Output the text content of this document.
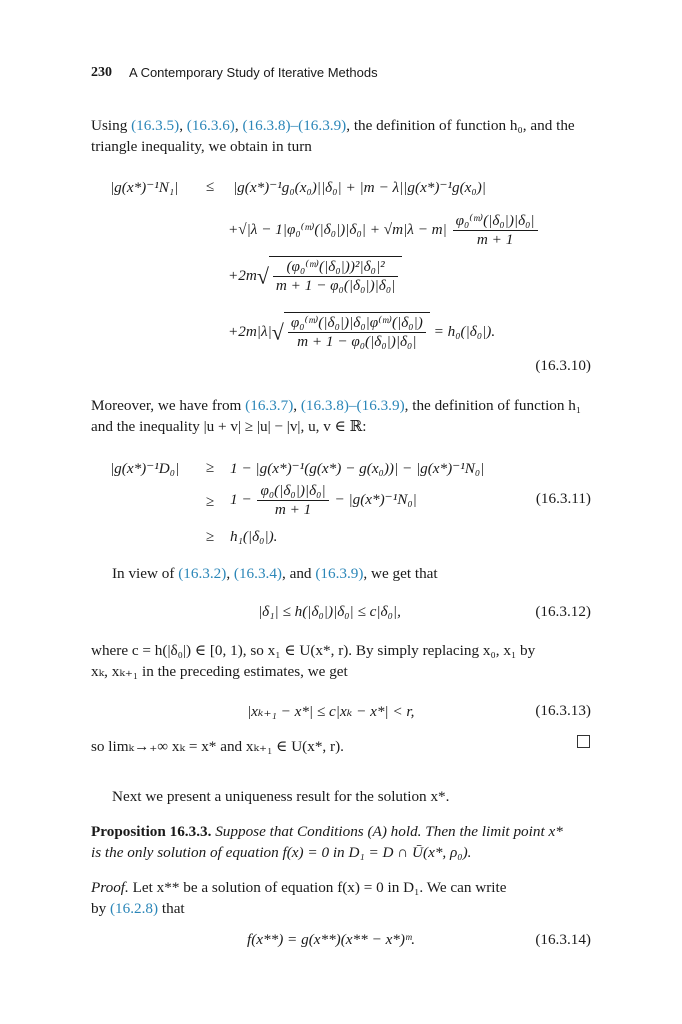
230 A Contemporary Study of Iterative Methods
Using (16.3.5), (16.3.6), (16.3.8)–(16.3.9), the definition of function h₀, and the
triangle inequality, we obtain in turn
|g(x*)⁻¹N₁| ≤ |g(x*)⁻¹g₀(x₀)||δ₀| + |m − λ||g(x*)⁻¹g(x₀)|
+√|λ − 1|φ₀⁽ᵐ⁾(|δ₀|)|δ₀| + $√m|\lambda - m| \frac{\text{φ₀⁽ᵐ⁾(|δ₀|)|δ₀|}}{m + 1}$
$+2m√ \frac{\text{(φ₀⁽ᵐ⁾(|δ₀|))²|δ₀|²}}{\text{m + 1 − φ₀(|δ₀|)|δ₀|}}$
$+2m|\lambda|√ \frac{\text{φ₀⁽ᵐ⁾(|δ₀|)|δ₀|φ⁽ᵐ⁾(|δ₀|)}}{\text{m + 1 − φ₀(|δ₀|)|δ₀|}} = h_0(|\delta_0|)$.
(16.3.10)
Moreover, we have from (16.3.7), (16.3.8)–(16.3.9), the definition of function h₁
and the inequality |u + v| ≥ |u| − |v|, u, v ∈ ℝ:
|g(x*)⁻¹D₀| ≥ 1 − |g(x*)⁻¹(g(x*) − g(x₀))| − |g(x*)⁻¹N₀|
≥ $1 - \frac{\text{φ₀(|δ₀|)|δ₀|}}{m + 1} - |g(x*)^{-1}N_0|$
≥ h₁(|δ₀|).
(16.3.11)
In view of (16.3.2), (16.3.4), and (16.3.9), we get that
|δ₁| ≤ h(|δ₀|)|δ₀| ≤ c|δ₀|,	(16.3.12)
where c = h(|δ₀|) ∈ [0, 1), so x₁ ∈ U(x*, r). By simply replacing x₀, x₁ by
xₖ, xₖ₊₁ in the preceding estimates, we get
|xₖ₊₁ − x*| ≤ c|xₖ − x*| < r,	(16.3.13)
so limₖ→₊∞ xₖ = x* and xₖ₊₁ ∈ U(x*, r).
Next we present a uniqueness result for the solution x*.
Proposition 16.3.3. Suppose that Conditions (A) hold. Then the limit point x*
is the only solution of equation f(x) = 0 in D₁ = D ∩ Ū(x*, ρ₀).
Proof. Let x** be a solution of equation f(x) = 0 in D₁. We can write
by (16.2.8) that
f(x**) = g(x**)(x** − x*)ᵐ.	(16.3.14)
